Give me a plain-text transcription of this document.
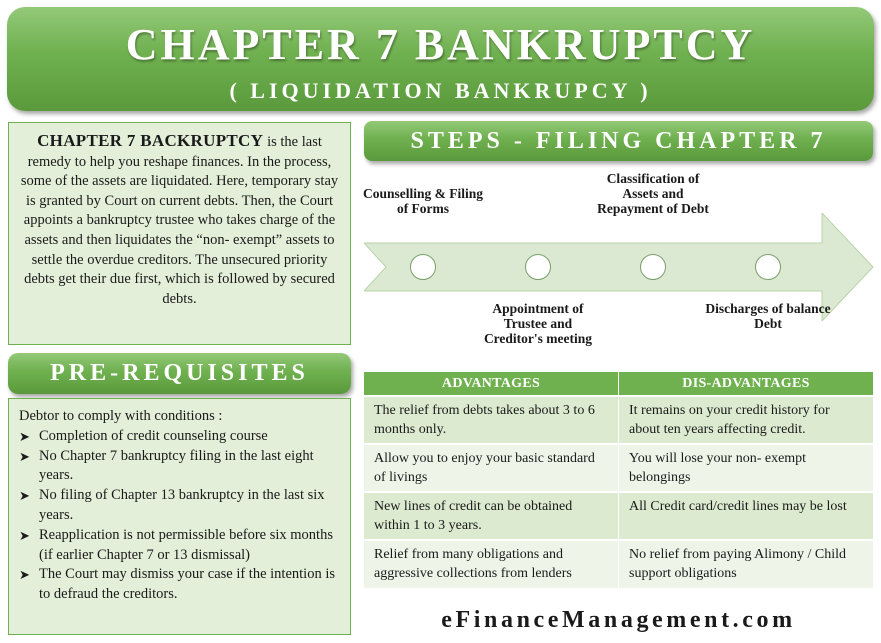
CHAPTER 7 BANKRUPTCY
( LIQUIDATION BANKRUPCY )
CHAPTER 7 BACKRUPTCY is the last remedy to help you reshape finances. In the process, some of the assets are liquidated. Here, temporary stay is granted by Court on current debts. Then, the Court appoints a bankruptcy trustee who takes charge of the assets and then liquidates the “non- exempt” assets to settle the overdue creditors. The unsecured priority debts get their due first, which is followed by secured debts.
PRE-REQUISITES
Debtor to comply with conditions :
➤ Completion of credit counseling course
➤ No Chapter 7 bankruptcy filing in the last eight years.
➤ No filing of Chapter 13 bankruptcy in the last six years.
➤ Reapplication is not permissible before six months (if earlier Chapter 7 or 13 dismissal)
➤ The Court may dismiss your case if the intention is to defraud the creditors.
STEPS - FILING CHAPTER 7
Counselling & Filing of Forms
Appointment of Trustee and Creditor's meeting
Classification of Assets and Repayment of Debt
Discharges of balance Debt
ADVANTAGES	DIS-ADVANTAGES
The relief from debts takes about 3 to 6 months only.	It remains on your credit history for about ten years affecting credit.
Allow you to enjoy your basic standard of livings	You will lose your non- exempt belongings
New lines of credit can be obtained within 1 to 3 years.	All Credit card/credit lines may be lost
Relief from many obligations and aggressive collections from lenders	No relief from paying Alimony / Child support obligations
eFinanceManagement.com
